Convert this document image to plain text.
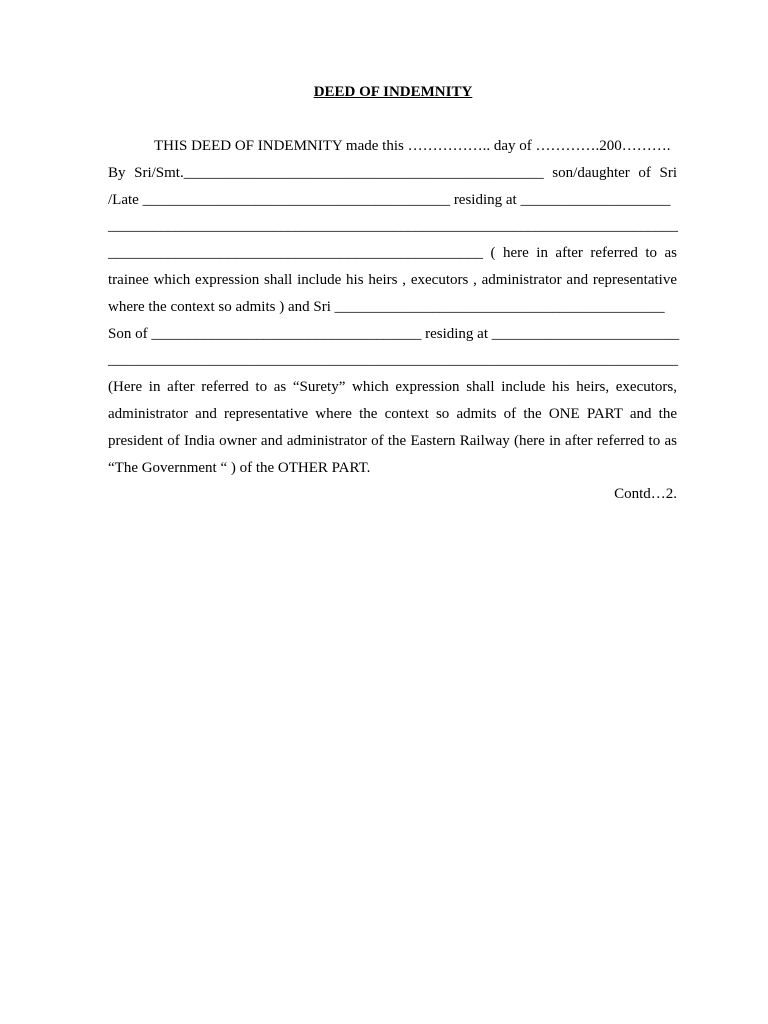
DEED OF INDEMNITY
THIS DEED OF INDEMNITY made this …………….. day of ………….200……….
By Sri/Smt.________________________________________________ son/daughter of Sri
/Late _________________________________________ residing at ____________________
____________________________________________________________________________
__________________________________________________ ( here in after referred to as
trainee which expression shall include his heirs , executors , administrator and representative
where the context so admits ) and Sri ____________________________________________
Son of ____________________________________ residing at _________________________
____________________________________________________________________________
(Here in after referred to as “Surety” which expression shall include his heirs, executors,
administrator and representative where the context so admits of the ONE PART and the
president of India owner and administrator of the Eastern Railway (here in after referred to as
“The Government “ ) of the OTHER PART.
Contd…2.
